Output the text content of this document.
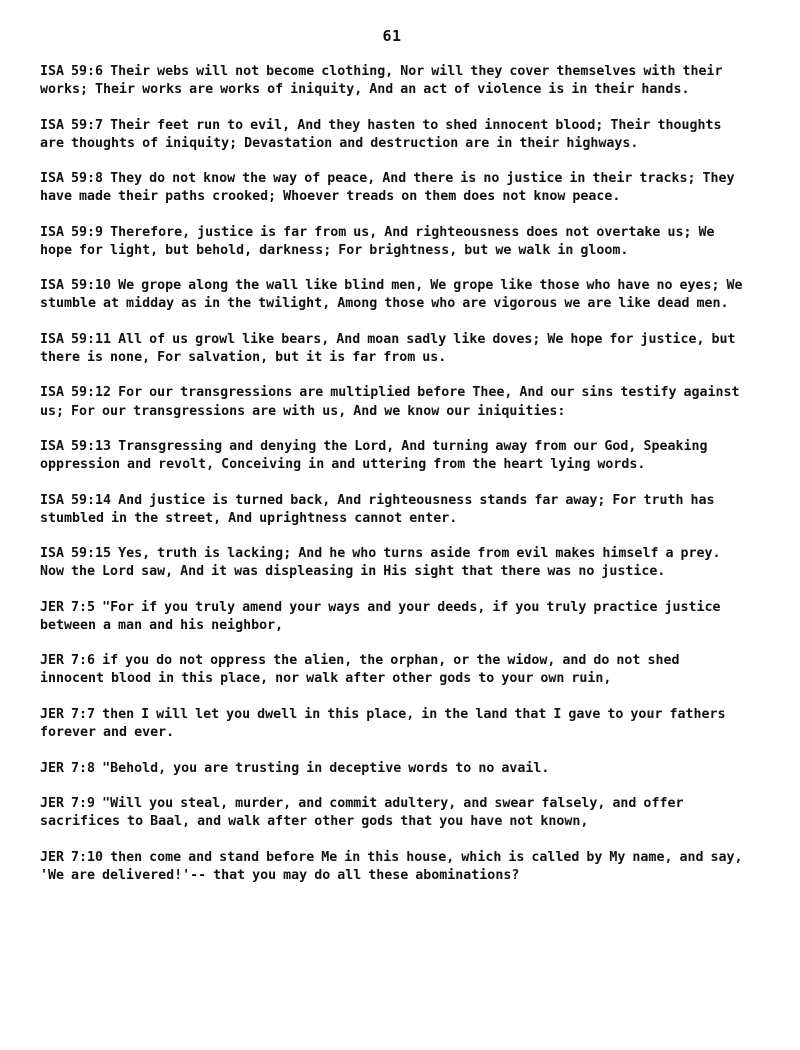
61

ISA 59:6 Their webs will not become clothing, Nor will they cover themselves with their works; Their works are works of iniquity, And an act of violence is in their hands.

ISA 59:7 Their feet run to evil, And they hasten to shed innocent blood; Their thoughts are thoughts of iniquity; Devastation and destruction are in their highways.

ISA 59:8 They do not know the way of peace, And there is no justice in their tracks; They have made their paths crooked; Whoever treads on them does not know peace.

ISA 59:9 Therefore, justice is far from us, And righteousness does not overtake us; We hope for light, but behold, darkness; For brightness, but we walk in gloom.

ISA 59:10 We grope along the wall like blind men, We grope like those who have no eyes; We stumble at midday as in the twilight, Among those who are vigorous we are like dead men.

ISA 59:11 All of us growl like bears, And moan sadly like doves; We hope for justice, but there is none, For salvation, but it is far from us.

ISA 59:12 For our transgressions are multiplied before Thee, And our sins testify against us; For our transgressions are with us, And we know our iniquities:

ISA 59:13 Transgressing and denying the Lord, And turning away from our God, Speaking oppression and revolt, Conceiving in and uttering from the heart lying words.

ISA 59:14 And justice is turned back, And righteousness stands far away; For truth has stumbled in the street, And uprightness cannot enter.

ISA 59:15 Yes, truth is lacking; And he who turns aside from evil makes himself a prey. Now the Lord saw, And it was displeasing in His sight that there was no justice.

JER 7:5 "For if you truly amend your ways and your deeds, if you truly practice justice between a man and his neighbor,

JER 7:6 if you do not oppress the alien, the orphan, or the widow, and do not shed innocent blood in this place, nor walk after other gods to your own ruin,

JER 7:7 then I will let you dwell in this place, in the land that I gave to your fathers forever and ever.

JER 7:8 "Behold, you are trusting in deceptive words to no avail.

JER 7:9 "Will you steal, murder, and commit adultery, and swear falsely, and offer sacrifices to Baal, and walk after other gods that you have not known,

JER 7:10 then come and stand before Me in this house, which is called by My name, and say, 'We are delivered!'-- that you may do all these abominations?
